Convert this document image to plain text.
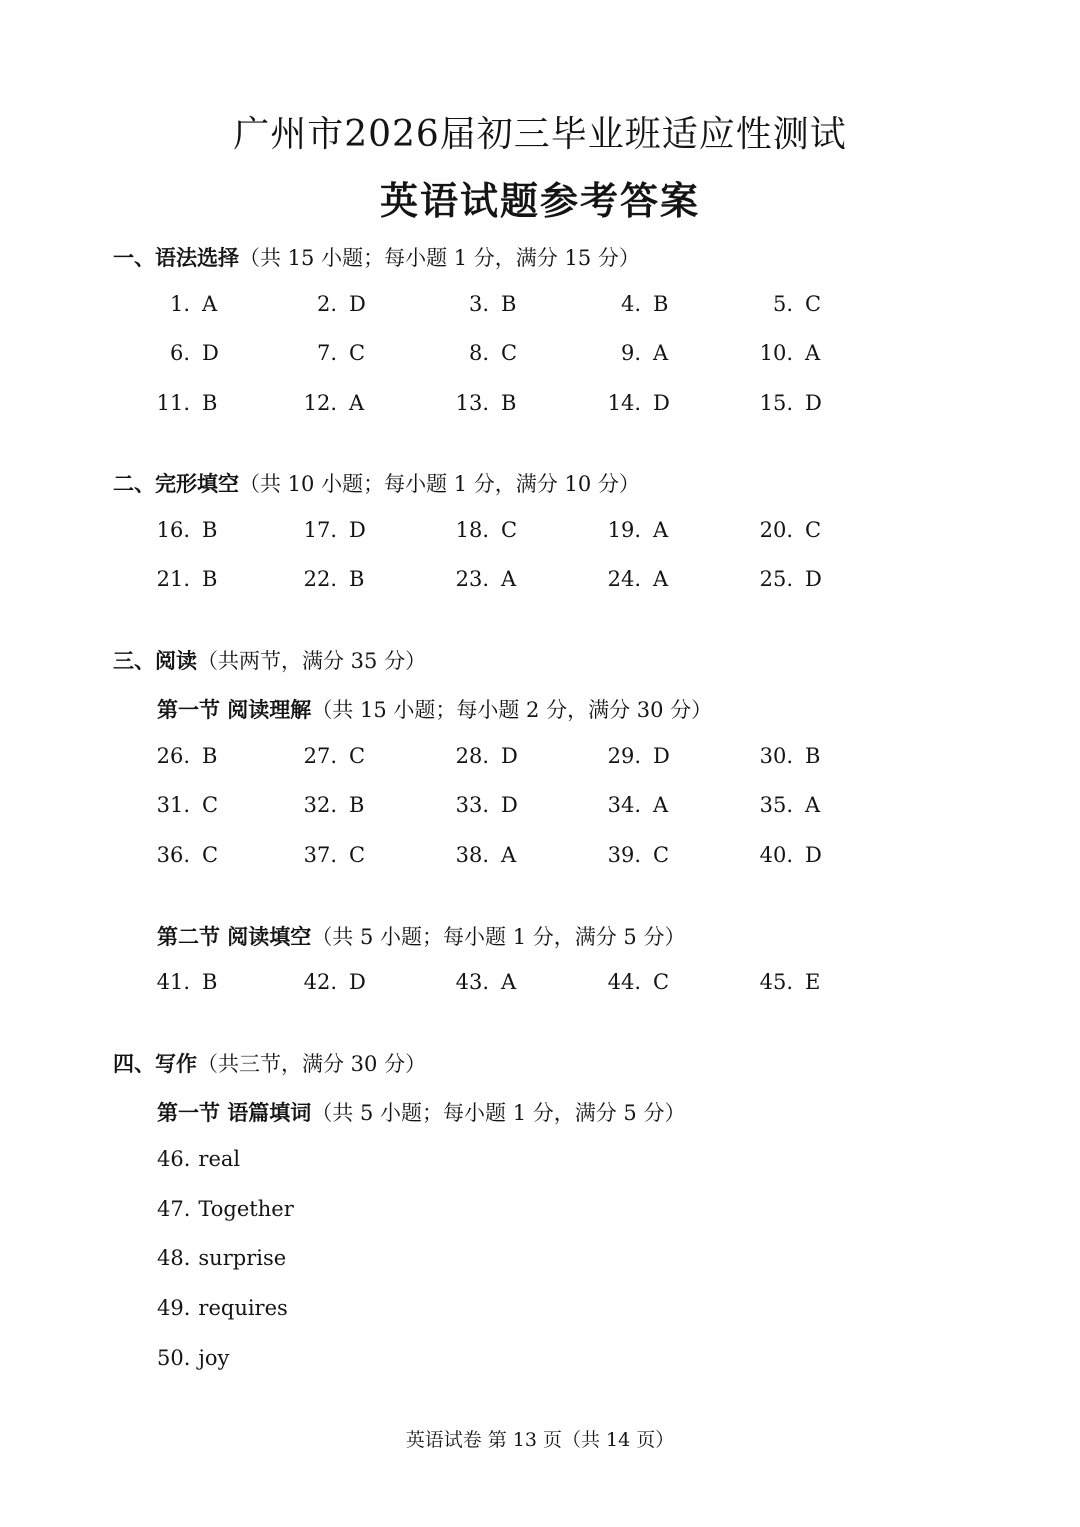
广州市2026届初三毕业班适应性测试
英语试题参考答案
一、语法选择（共 15 小题；每小题 1 分，满分 15 分）
1. A	2. D	3. B	4. B	5. C
6. D	7. C	8. C	9. A	10. A
11. B	12. A	13. B	14. D	15. D
二、完形填空（共 10 小题；每小题 1 分，满分 10 分）
16. B	17. D	18. C	19. A	20. C
21. B	22. B	23. A	24. A	25. D
三、阅读（共两节，满分 35 分）
第一节 阅读理解（共 15 小题；每小题 2 分，满分 30 分）
26. B	27. C	28. D	29. D	30. B
31. C	32. B	33. D	34. A	35. A
36. C	37. C	38. A	39. C	40. D
第二节 阅读填空（共 5 小题；每小题 1 分，满分 5 分）
41. B	42. D	43. A	44. C	45. E
四、写作（共三节，满分 30 分）
第一节 语篇填词（共 5 小题；每小题 1 分，满分 5 分）
46. real
47. Together
48. surprise
49. requires
50. joy
英语试卷 第 13 页（共 14 页）
